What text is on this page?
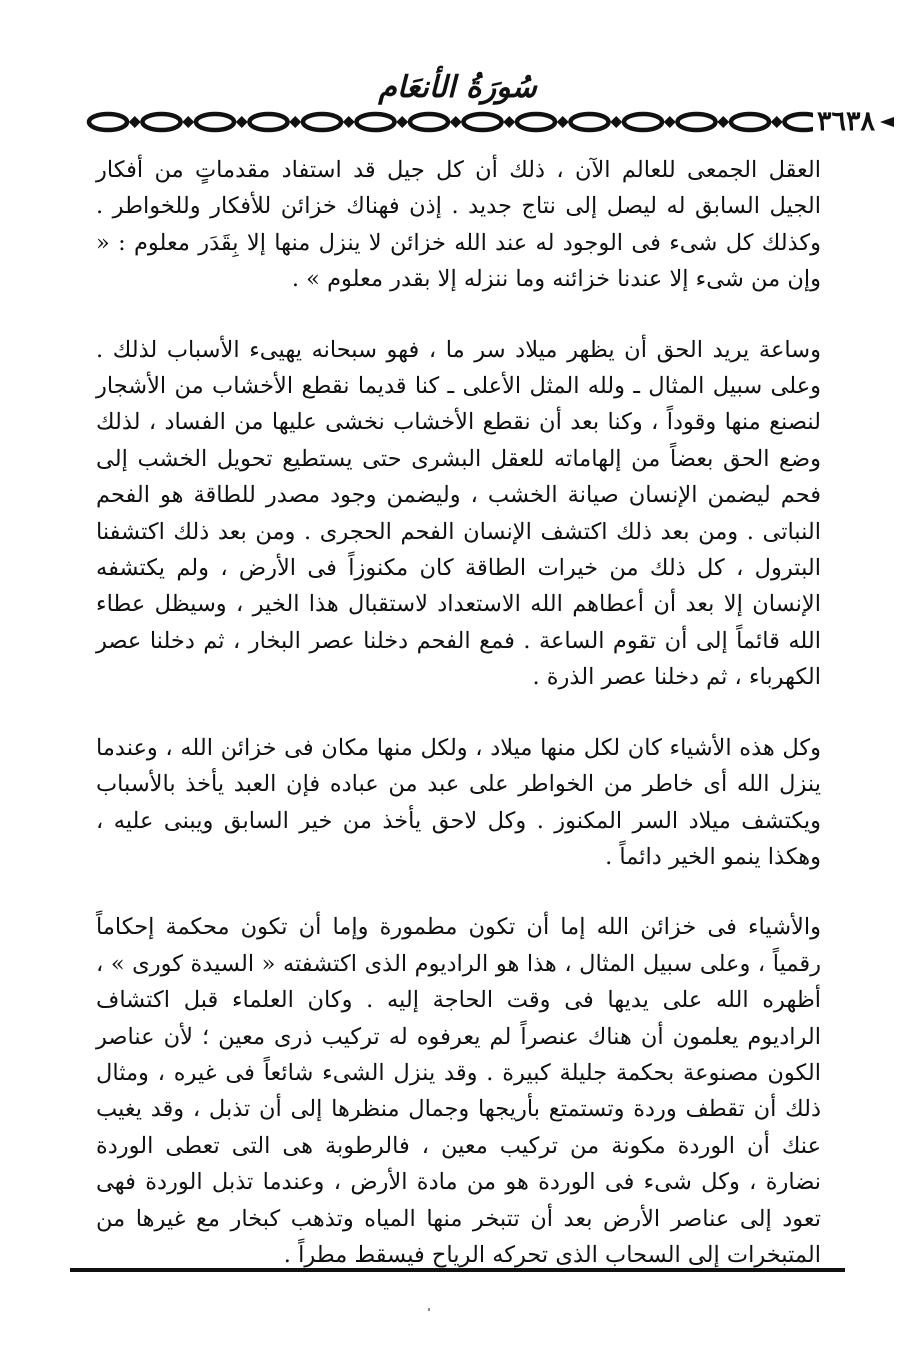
سُورَةُ الأنعَام
٣٦٣٨

العقل الجمعى للعالم الآن ، ذلك أن كل جيل قد استفاد مقدماتٍ من أفكار الجيل السابق له ليصل إلى نتاج جديد . إذن فهناك خزائن للأفكار وللخواطر . وكذلك كل شىء فى الوجود له عند الله خزائن لا ينزل منها إلا بِقَدَر معلوم : « وإن من شىء إلا عندنا خزائنه وما ننزله إلا بقدر معلوم » .

وساعة يريد الحق أن يظهر ميلاد سر ما ، فهو سبحانه يهيىء الأسباب لذلك . وعلى سبيل المثال ـ ولله المثل الأعلى ـ كنا قديما نقطع الأخشاب من الأشجار لنصنع منها وقوداً ، وكنا بعد أن نقطع الأخشاب نخشى عليها من الفساد ، لذلك وضع الحق بعضاً من إلهاماته للعقل البشرى حتى يستطيع تحويل الخشب إلى فحم ليضمن الإنسان صيانة الخشب ، وليضمن وجود مصدر للطاقة هو الفحم النباتى . ومن بعد ذلك اكتشف الإنسان الفحم الحجرى . ومن بعد ذلك اكتشفنا البترول ، كل ذلك من خيرات الطاقة كان مكنوزاً فى الأرض ، ولم يكتشفه الإنسان إلا بعد أن أعطاهم الله الاستعداد لاستقبال هذا الخير ، وسيظل عطاء الله قائماً إلى أن تقوم الساعة . فمع الفحم دخلنا عصر البخار ، ثم دخلنا عصر الكهرباء ، ثم دخلنا عصر الذرة .

وكل هذه الأشياء كان لكل منها ميلاد ، ولكل منها مكان فى خزائن الله ، وعندما ينزل الله أى خاطر من الخواطر على عبد من عباده فإن العبد يأخذ بالأسباب ويكتشف ميلاد السر المكنوز . وكل لاحق يأخذ من خير السابق ويبنى عليه ، وهكذا ينمو الخير دائماً .

والأشياء فى خزائن الله إما أن تكون مطمورة وإما أن تكون محكمة إحكاماً رقمياً ، وعلى سبيل المثال ، هذا هو الراديوم الذى اكتشفته « السيدة كورى » ، أظهره الله على يديها فى وقت الحاجة إليه . وكان العلماء قبل اكتشاف الراديوم يعلمون أن هناك عنصراً لم يعرفوه له تركيب ذرى معين ؛ لأن عناصر الكون مصنوعة بحكمة جليلة كبيرة . وقد ينزل الشىء شائعاً فى غيره ، ومثال ذلك أن تقطف وردة وتستمتع بأريجها وجمال منظرها إلى أن تذبل ، وقد يغيب عنك أن الوردة مكونة من تركيب معين ، فالرطوبة هى التى تعطى الوردة نضارة ، وكل شىء فى الوردة هو من مادة الأرض ، وعندما تذبل الوردة فهى تعود إلى عناصر الأرض بعد أن تتبخر منها المياه وتذهب كبخار مع غيرها من المتبخرات إلى السحاب الذى تحركه الرياح فيسقط مطراً .
